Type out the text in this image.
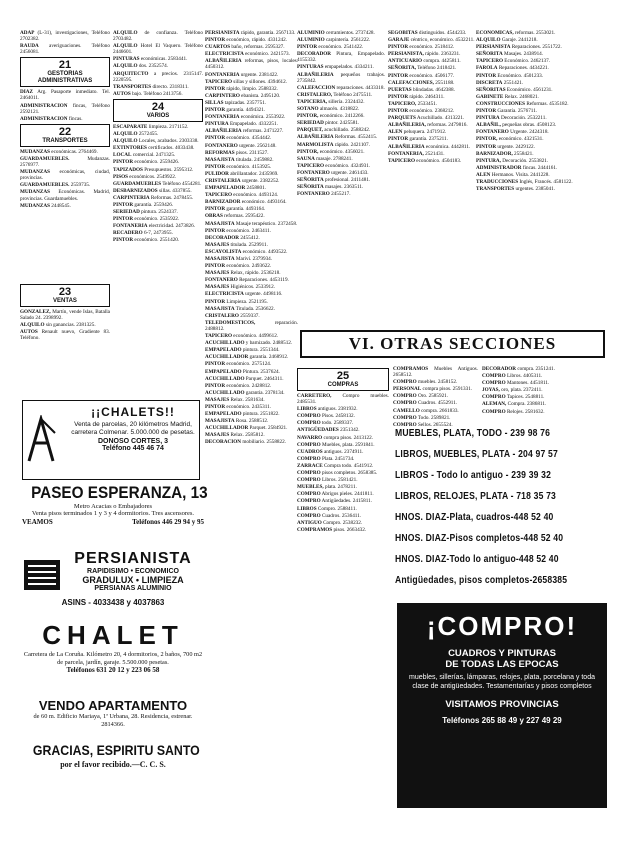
ADAP (L-31), investigaciones, Teléfono 2702382.
RAUDA averiguaciones. Teléfono 2456081.
21
GESTORIAS ADMINISTRATIVAS
DIAZ Arg. Pasaporte inmediato. Tel. 2464011.
ADMINISTRACION fincas, Teléfono 2592121.
ADMINISTRACION fincas.
22
TRANSPORTES
MUDANZAS económicas. 2764469.
GUARDAMUEBLES.	Mudanzas. 2576977.
MUDANZAS económicas, ciudad, provincias.
GUARDAMUEBLES. 2559735.
MUDANZAS Económicas. Madrid, provincias. Guardamuebles.
MUDANZAS 2448545.
23
VENTAS
GONZALEZ, Martín, vende Islas, Batalla Salado 24. 2398992.
ALQUILO sin ganancias. 2381325.
AUTOS Renault nuevo, Gradiente 83. Teléfono.
ALQUILO de confianza. Teléfono 2703482.
ALQUILO Hotel El Vaquero. Teléfono 2446601.
PINTURAS económicas. 2583441.
ALQUILO dos. 2352574.
ARQUITECTO a precios. 2315147. 2220595.
TRANSPORTES directo. 2318311.
AUTOS bajo. Teléfono 2413756.
24
VARIOS
ESCAPARATE limpieza. 2171152.
ALQUILO 2572455.
ALQUILO Locales, acabados. 2303338.
EXTINTORES certificados. 4033438.
LOCAL comercial. 2471325.
PINTOR económico. 2559426.
TAPIZADOS Presupuestos. 2595312.
PISOS económicos. 2549922.
GUARDAMUEBLES Teléfono 4554281.
DESBARNIZADOS sillas. 4337855.
CARPINTERIA Reformas. 2478455.
PINTOR garantía. 2559426.
SERIEDAD pintura. 2524337.
PINTOR económico. 2535922.
FONTANERIA electricidad. 2473826.
RECADERO 6-7, 2473955.
PINTOR económico. 2551420.
¡¡CHALETS!!
Venta de parcelas, 20 kilómetros Madrid, carretera Colmenar. 5.000.000 de pesetas.
DONOSO CORTES, 3
Teléfono 445 46 74
PASEO ESPERANZA, 13
Metro Acacias o Embajadores
Venta pisos terminados 1 y 3 y 4 dormitorios. Tres ascensores.
VEAMOS	Teléfonos 446 29 94 y 95
PERSIANISTA
RAPIDISIMO • ECONOMICO
GRADULUX • LIMPIEZA
PERSIANAS ALUMINIO
ASINS - 4033438 y 4037863
CHALET
Carretera de La Coruña. Kilómetro 20, 4 dormitorios, 2 baños, 700 m2 de parcela, jardín, garaje. 5.500.000 pesetas.
Teléfonos 631 20 12 y 223 06 58
VENDO APARTAMENTO
de 60 m. Edificio Mariaya, 1ª Urbana, 28. Residencia, estrenar. 2814366.
GRACIAS, ESPIRITU SANTO
por el favor recibido.—C. C. S.
PERSIANISTA rápido, garantía. 2567133.
PINTOR económico, rápido. 4331242.
CUARTOS baño, reformas. 2595327.
ELECTRICISTA económico. 2421573.
ALBAÑILERIA reformas, pisos, locales. 4450312.
FONTANERIA urgente. 2381422.
TAPICERO sillas y sillones. 4394612.
PINTOR rápido, limpio. 2588332.
CARPINTERO ebanista. 2495120.
SILLAS tapizadas. 2357751.
PINTOR garantía. 4494321.
FONTANERIA económica. 2553922.
PINTURA Empapelado. 4332251.
ALBAÑILERIA reformas. 2471227.
PINTOR económico. 4354442.
FONTANERO urgente. 2562148.
REFORMAS pisos. 2311527.
MASAJISTA titulada. 2459882.
PINTOR económico. 4153925.
PULIDOR abrillantador. 2435969.
CRISTALERIA urgente. 2382252.
EMPAPELADOR 2458801.
TAPICERO económico. 4493124.
BARNIZADOR económico. 4493164.
PINTOR garantía. 4493164.
OBRAS reformas. 2595422.
MASAJISTA Masaje terapéutico. 2372458.
PINTOR económico. 2463411.
DECORADOR 2455412.
MASAJES titulada. 2529911.
ESCAYOLISTA económico. 4493522.
MASAJISTA Mariví. 2379934.
PINTOR económico. 2493622.
MASAJES Relax, rápido. 2536218.
FONTANERO Reparaciones. 4453119.
MASAJES Higiénicos. 2533912.
ELECTRICISTA urgente. 4498116.
PINTOR Limpieza. 2521195.
MASAJISTA Titulada. 2536622.
CRISTALERO 2559337.
TELEDOMESTICOS,	reparación. 2488812.
TAPICERO económico. 4499612.
ACUCHILLADO y barnizado. 2488512.
EMPAPELADO pintura. 2551344.
ACUCHILLADOR garantía. 2468912.
PINTOR económico. 2575124.
EMPAPELADO Pintura. 2537624.
ACUCHILLADO Parquet. 2464311.
PINTOR económico. 2428812.
ACUCHILLADO garantía. 2378134.
MASAJES Relax. 2581634.
PINTOR económico. 2435311.
EMPAPELADO pintura. 2551822.
MASAJISTA Rosa. 2588512.
ACUCHILLADOR Parquet. 2584921.
MASAJES Relax. 2585812.
DECORACION mobiliario. 2558822.
ALUMINIO cerramientos. 2737428.
ALUMINIO carpintería. 2561222.
PINTOR económico. 2541422.
DECORADOR Pintura, Empapelado. 4155332.
PINTURAS empapelados. 4334211.
ALBAÑILERIA pequeños trabajos. 2735842.
CALEFACCION reparaciones. 4433318.
CRISTALERO, Teléfono 2475511.
TAPICERIA, sillería. 2324432.
SOTANO almacén. 4318822.
PINTOR, económico. 2412266.
SERIEDAD pintor. 2425581.
PARQUET, acuchillado. 2588242.
ALBAÑILERIA Reformas. 4552415.
MARMOLISTA rápido. 2421107.
PINTOR, económico. 4356021.
SAUNA masaje. 2788241.
TAPICERO económico. 4324931.
FONTANERO urgente. 2461433.
SEÑORITA profesional. 2411481.
SEÑORITA masajes. 2363511.
FONTANERO 2455217.
SEGOBITAS distinguidos. 4544233.
GARAJE céntrico, económico. 4532211.
PINTOR económico. 2518412.
PERSIANISTA, rápido. 2363231.
ANTICUARIO compra. 4425811.
SEÑORITA, Teléfono 2418421.
PINTOR económico. 4506177.
CALEFACCIONES, 2551188.
PUERTAS blindadas. 4642388.
PINTOR rápido. 2464311.
TAPICERO, 2533451.
PINTOR económico. 2368212.
PARQUETS Acuchillado. 4313221.
ALBAÑILERIA, reformas. 2479816.
ALEN peluquera. 2471912.
PINTOR garantía. 2375211.
ALBAÑILERIA económica. 4442811.
FONTANERIA, 2521431.
TAPICERO económico. 4504183.
ECONOMICAS, reformas. 2553021.
ALQUILO Garaje. 2441218.
PERSIANISTA Reparaciones. 2551722.
SEÑORITA Masajes. 2438914.
TAPICERO Económico. 2462137.
FAROLA Reparaciones. 4434221.
PINTOR Económico. 4501233.
DISCRETA 2551421.
SEÑORITAS Económico. 4561231.
GABINETE Relax. 2468021.
CONSTRUCCIONES Reformas. 4535182.
PINTOR Garantía. 2576711.
PINTURA Decoración. 2532211.
ALBAÑIL, pequeñas obras. 4508123.
FONTANERO Urgente. 2424318.
PINTOR, económico. 4321531.
PINTOR urgente. 2429122.
BARNIZADOR, 2558421.
PINTURA, Decoración. 2553821.
ADMINISTRADOR fincas. 2444161.
ALEN Hermanos. Visita. 2441228.
TRADUCCIONES Inglés, Francés. 4581122.
TRANSPORTES urgentes. 2385041.
VI. OTRAS SECCIONES
25
COMPRAS
CARRETERO, Compro muebles. 2485531.
LIBROS antiguos. 2381932.
COMPRO Pisos. 2458132.
COMPRO todo. 2589337.
ANTIGÜEDADES 2351342.
NAVARRO compra pisos. 2413122.
COMPRO Muebles, plata. 2591841.
CUADROS antiguos. 2374911.
COMPRO Plata. 2451734.
ZARRACE Compra todo. 4541912.
COMPRO pisos completos. 2658385.
COMPRO Libros. 2581421.
MUEBLES, plata. 2478211.
COMPRO Abrigos pieles. 2441811.
COMPRO Antigüedades. 2415811.
LIBROS Compro. 2588411.
COMPRO Cuadros. 2536411.
ANTIGUO Compro. 2538232.
COMPRAMOS pisos. 2663432.
COMPRAMOS Muebles Antiguos. 2658512.
COMPRO muebles. 2458152.
PERSONAL compra pisos. 2591331.
COMPRO Oro. 2585921.
COMPRO Cuadros. 4552911.
CAMELLO compra. 2661833.
COMPRO Todo. 2589821.
COMPRO Sellos. 2655524.
DECORADOR compra. 2351241.
COMPRO Libros. 4405311.
COMPRO Mantones. 4451811.
JOYAS, oro, plata. 2372411.
COMPRO Tapices. 2548811.
ALEMAN, Compra. 2386811.
COMPRO Relojes. 2581632.
MUEBLES, PLATA, TODO - 239 98 76
LIBROS, MUEBLES, PLATA - 204 97 57
LIBROS - Todo lo antiguo - 239 39 32
LIBROS, RELOJES, PLATA - 718 35 73
HNOS. DIAZ-Plata, cuadros-448 52 40
HNOS. DIAZ-Pisos completos-448 52 40
HNOS. DIAZ-Todo lo antiguo-448 52 40
Antigüedades, pisos completos-2658385
¡COMPRO!
CUADROS Y PINTURAS
DE TODAS LAS EPOCAS
muebles, sillerías, lámparas, relojes, plata, porcelana y toda clase de antigüedades. Testamentarías y pisos completos
VISITAMOS PROVINCIAS
Teléfonos 265 88 49 y 227 49 29
